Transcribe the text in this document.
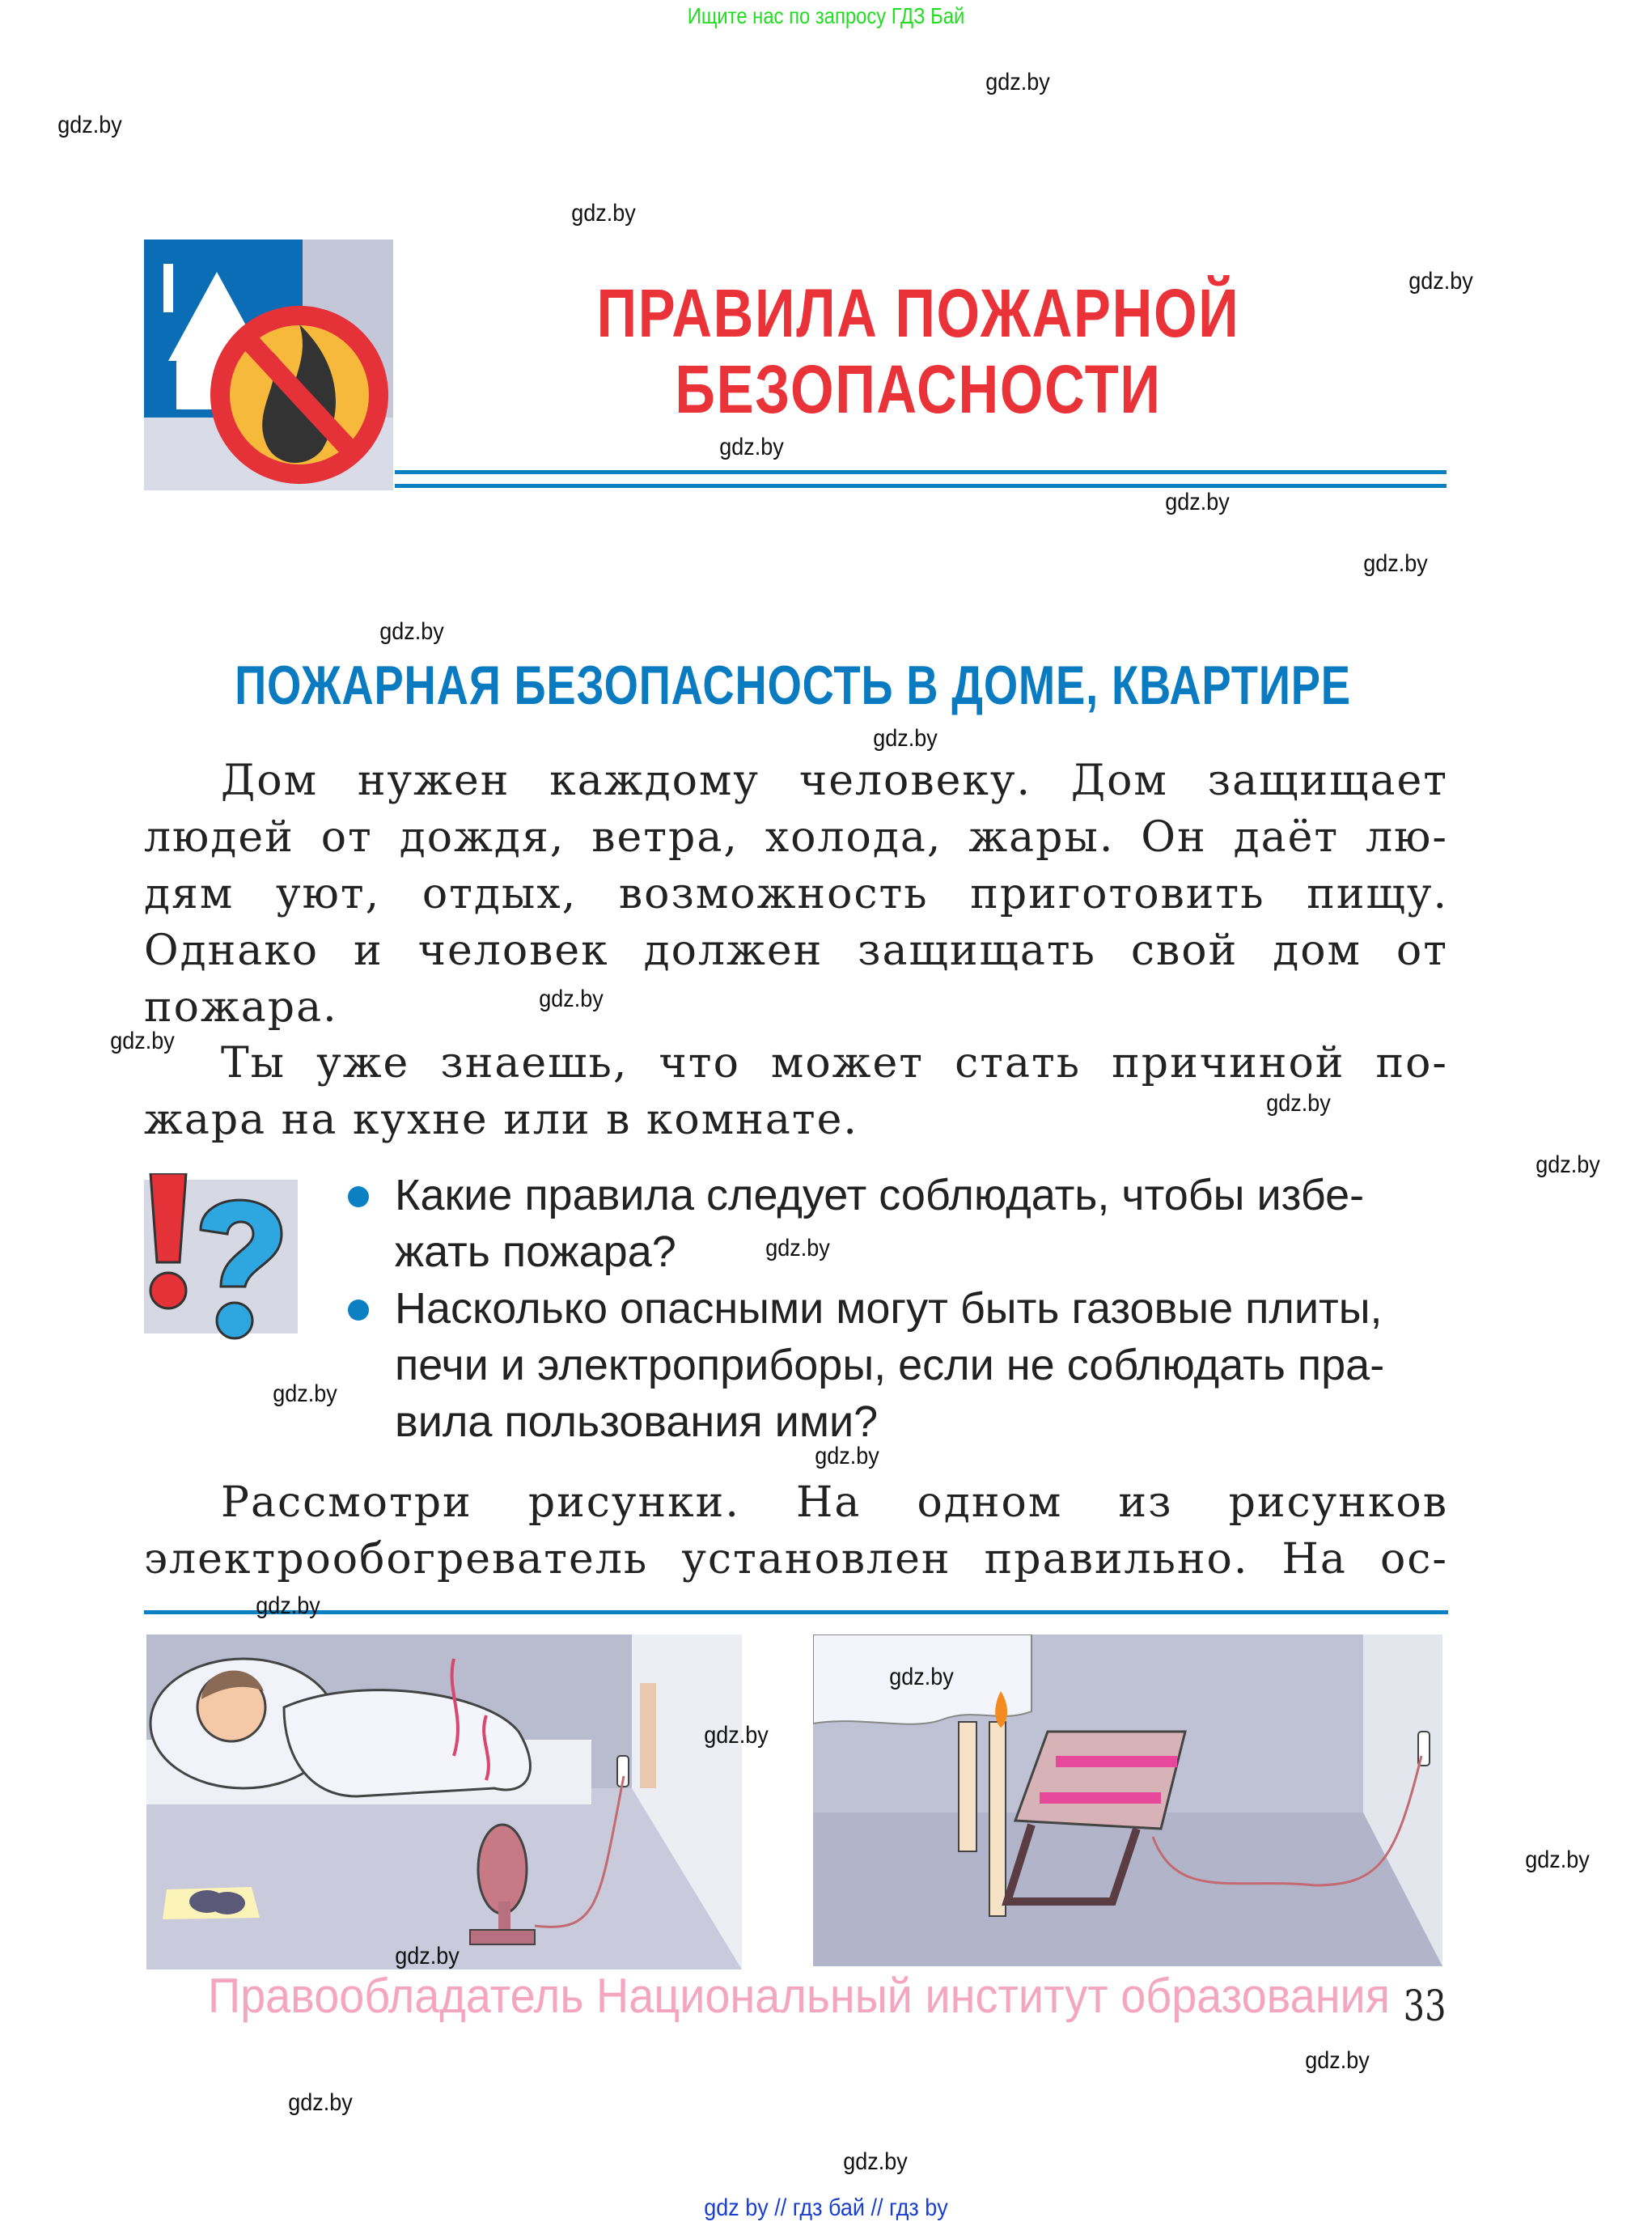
Ищите нас по запросу ГДЗ Бай
ПРАВИЛА ПОЖАРНОЙ
БЕЗОПАСНОСТИ
ПОЖАРНАЯ БЕЗОПАСНОСТЬ В ДОМЕ, КВАРТИРЕ
Дом нужен каждому человеку. Дом защищает
людей от дождя, ветра, холода, жары. Он даёт лю-
дям уют, отдых, возможность приготовить пищу.
Однако и человек должен защищать свой дом от
пожара.
Ты уже знаешь, что может стать причиной по-
жара на кухне или в комнате.
Какие правила следует соблюдать, чтобы избе-
жать пожара?
Насколько опасными могут быть газовые плиты,
печи и электроприборы, если не соблюдать пра-
вила пользования ими?
Рассмотри рисунки. На одном из рисунков
электрообогреватель установлен правильно. На ос-
Правообладатель Национальный институт образования 33
gdz by // гдз бай // гдз by
gdz.by
gdz.by
gdz.by
gdz.by
gdz.by
gdz.by
gdz.by
gdz.by
gdz.by
gdz.by
gdz.by
gdz.by
gdz.by
gdz.by
gdz.by
gdz.by
gdz.by
gdz.by
gdz.by
gdz.by
gdz.by
gdz.by
gdz.by
gdz.by
